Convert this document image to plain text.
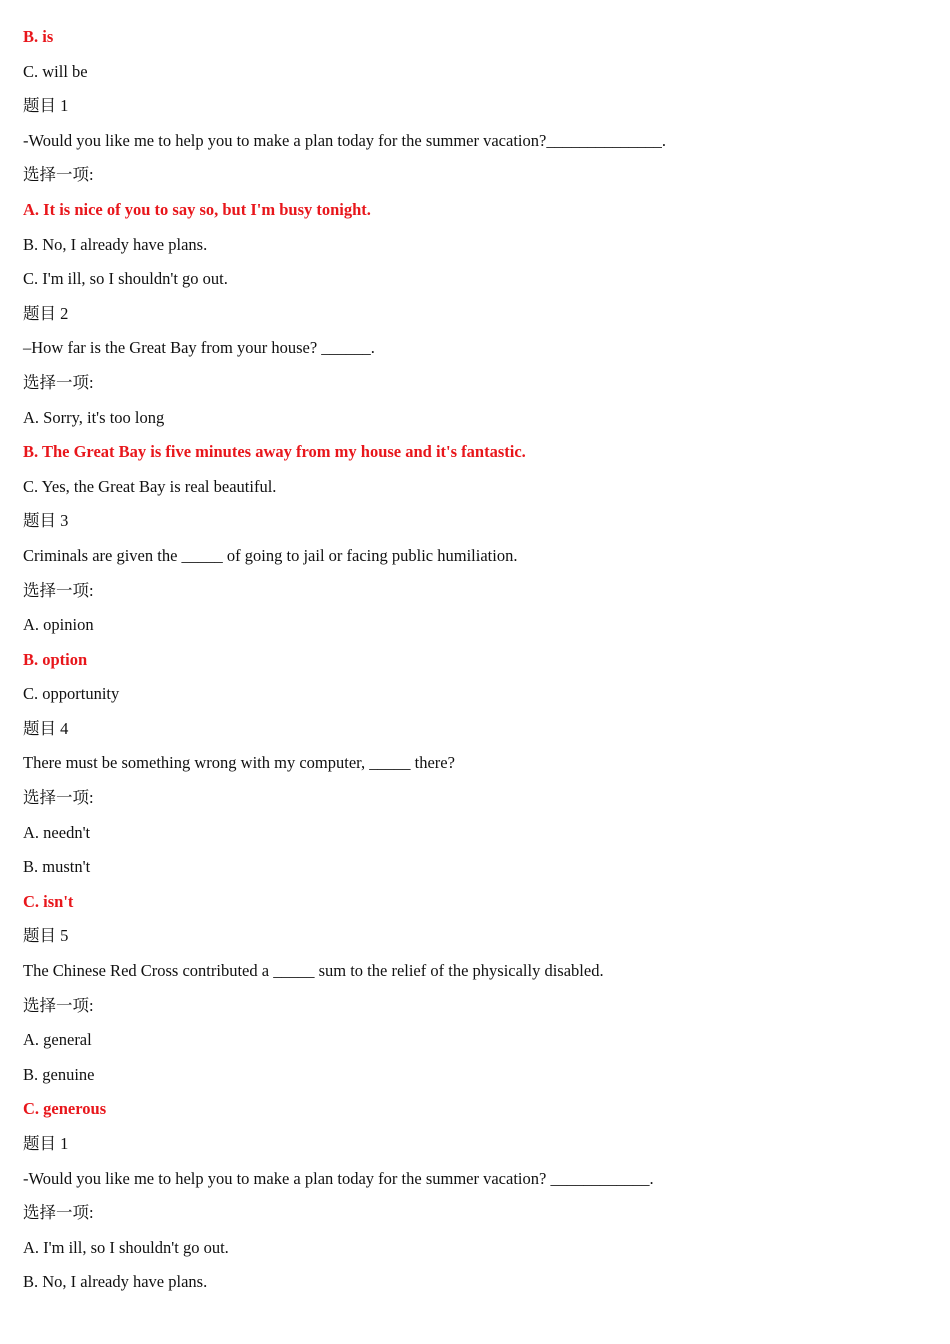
B. is
C. will be
题目 1
-Would you like me to help you to make a plan today for the summer vacation?______________.
选择一项:
A. It is nice of you to say so, but I'm busy tonight.
B. No, I already have plans.
C. I'm ill, so I shouldn't go out.
题目 2
–How far is the Great Bay from your house? ______.
选择一项:
A. Sorry, it's too long
B. The Great Bay is five minutes away from my house and it's fantastic.
C. Yes, the Great Bay is real beautiful.
题目 3
Criminals are given the _____ of going to jail or facing public humiliation.
选择一项:
A. opinion
B. option
C. opportunity
题目 4
There must be something wrong with my computer, _____ there?
选择一项:
A. needn't
B. mustn't
C. isn't
题目 5
The Chinese Red Cross contributed a _____ sum to the relief of the physically disabled.
选择一项:
A. general
B. genuine
C. generous
题目 1
-Would you like me to help you to make a plan today for the summer vacation? ____________.
选择一项:
A. I'm ill, so I shouldn't go out.
B. No, I already have plans.
